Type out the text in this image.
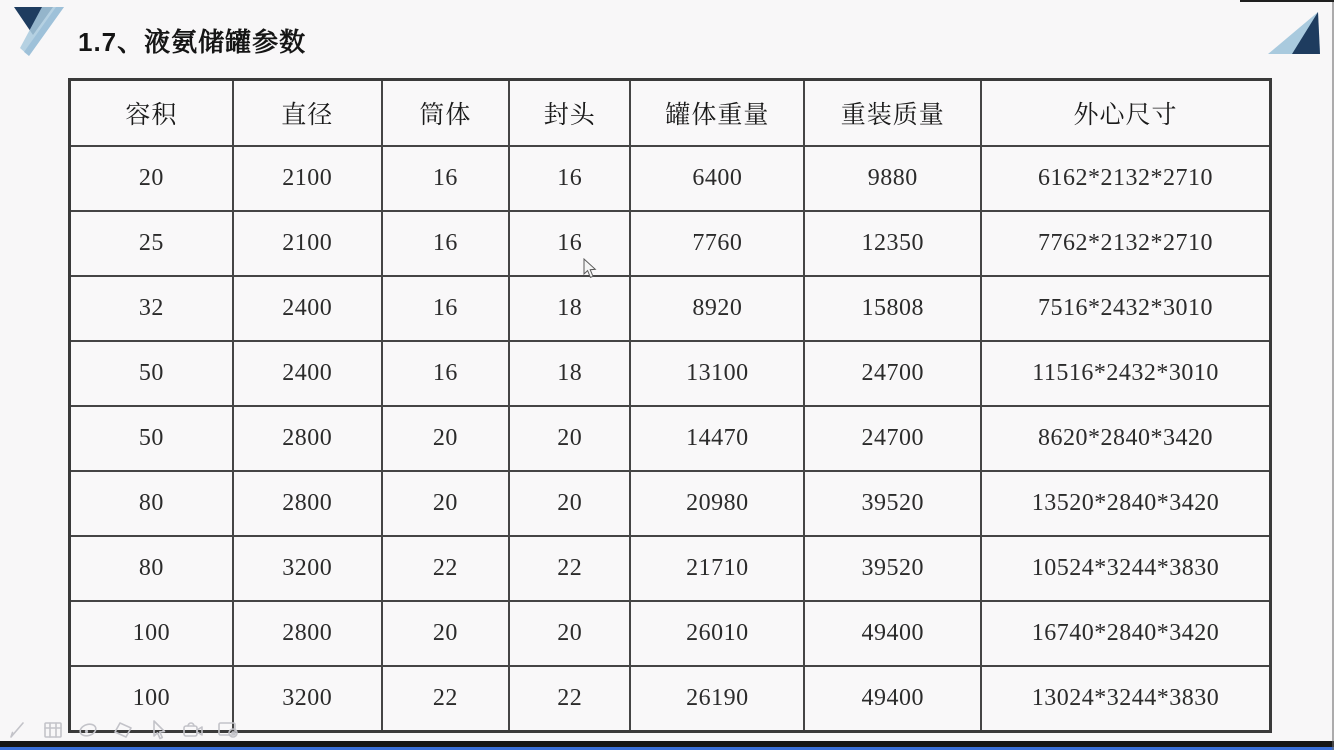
1.7、液氨储罐参数
容积	直径	筒体	封头	罐体重量	重装质量	外心尺寸
20	2100	16	16	6400	9880	6162*2132*2710
25	2100	16	16	7760	12350	7762*2132*2710
32	2400	16	18	8920	15808	7516*2432*3010
50	2400	16	18	13100	24700	11516*2432*3010
50	2800	20	20	14470	24700	8620*2840*3420
80	2800	20	20	20980	39520	13520*2840*3420
80	3200	22	22	21710	39520	10524*3244*3830
100	2800	20	20	26010	49400	16740*2840*3420
100	3200	22	22	26190	49400	13024*3244*3830
